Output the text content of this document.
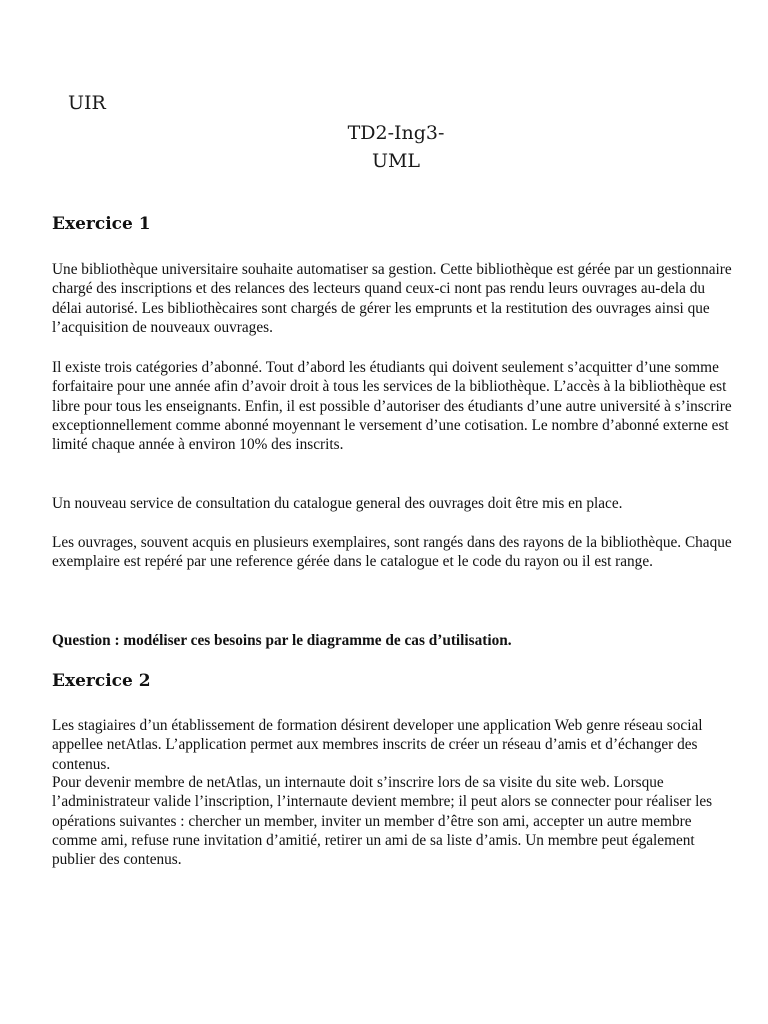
UIR
TD2-Ing3-
UML
Exercice 1

Une bibliothèque universitaire souhaite automatiser sa gestion. Cette bibliothèque est gérée par un gestionnaire chargé des inscriptions et des relances des lecteurs quand ceux-ci nont pas rendu leurs ouvrages au-dela du délai autorisé. Les bibliothècaires sont chargés de gérer les emprunts et la restitution des ouvrages ainsi que l’acquisition de nouveaux ouvrages.

Il existe trois catégories d’abonné. Tout d’abord les étudiants qui doivent seulement s’acquitter d’une somme forfaitaire pour une année afin d’avoir droit à tous les services de la bibliothèque. L’accès à la bibliothèque est libre pour tous les enseignants. Enfin, il est possible d’autoriser des étudiants d’une autre université à s’inscrire exceptionnellement comme abonné moyennant le versement d’une cotisation. Le nombre d’abonné externe est limité chaque année à environ 10% des inscrits.

Un nouveau service de consultation du catalogue general des ouvrages doit être mis en place.

Les ouvrages, souvent acquis en plusieurs exemplaires, sont rangés dans des rayons de la bibliothèque. Chaque exemplaire est repéré par une reference gérée dans le catalogue et le code du rayon ou il est range.

Question : modéliser ces besoins par le diagramme de cas d’utilisation.

Exercice 2

Les stagiaires d’un établissement de formation désirent developer une application Web genre réseau social appellee netAtlas. L’application permet aux membres inscrits de créer un réseau d’amis et d’échanger des contenus.

Pour devenir membre de netAtlas, un internaute doit s’inscrire lors de sa visite du site web. Lorsque l’administrateur valide l’inscription, l’internaute devient membre; il peut alors se connecter pour réaliser les opérations suivantes : chercher un member, inviter un member d’être son ami, accepter un autre membre comme ami, refuse rune invitation d’amitié, retirer un ami de sa liste d’amis. Un membre peut également publier des contenus.
